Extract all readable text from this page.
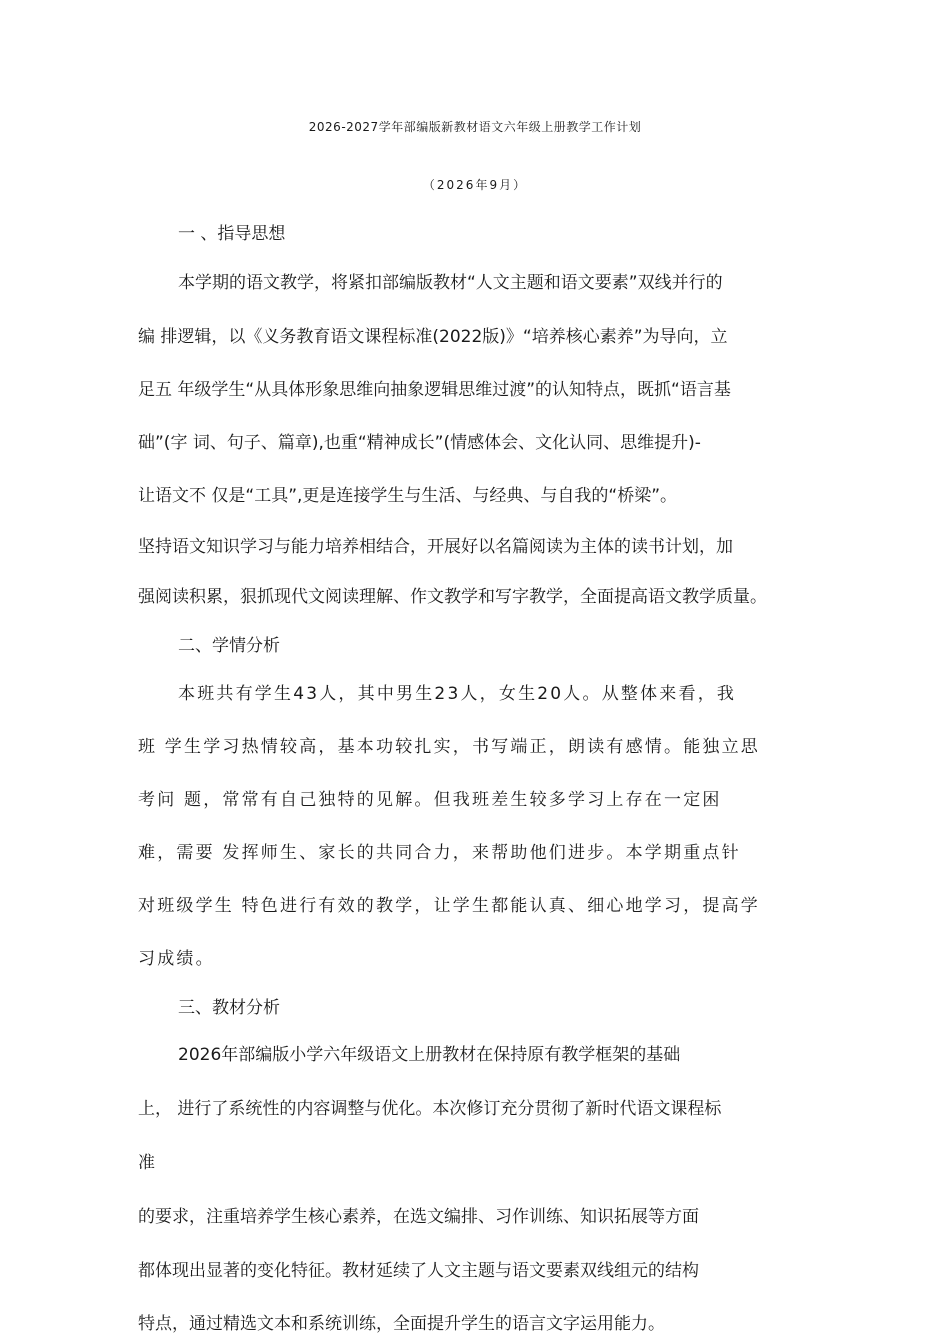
2026-2027学年部编版新教材语文六年级上册教学工作计划
（2026年9月）
一 、指导思想
本学期的语文教学，将紧扣部编版教材“人文主题和语文要素”双线并行的
编 排逻辑，以《义务教育语文课程标准(2022版)》“培养核心素养”为导向，立
足五 年级学生“从具体形象思维向抽象逻辑思维过渡”的认知特点，既抓“语言基
础”(字 词、句子、篇章),也重“精神成长”(情感体会、文化认同、思维提升)-
让语文不 仅是“工具”,更是连接学生与生活、与经典、与自我的“桥梁”。
坚持语文知识学习与能力培养相结合，开展好以名篇阅读为主体的读书计划，加
强阅读积累，狠抓现代文阅读理解、作文教学和写字教学，全面提高语文教学质量。
二、学情分析
本班共有学生43人，其中男生23人，女生20人。从整体来看，我
班 学生学习热情较高，基本功较扎实，书写端正，朗读有感情。能独立思
考问 题，常常有自己独特的见解。但我班差生较多学习上存在一定困
难，需要 发挥师生、家长的共同合力，来帮助他们进步。本学期重点针
对班级学生 特色进行有效的教学，让学生都能认真、细心地学习，提高学
习成绩。
三、教材分析
2026年部编版小学六年级语文上册教材在保持原有教学框架的基础
上， 进行了系统性的内容调整与优化。本次修订充分贯彻了新时代语文课程标
准
的要求，注重培养学生核心素养，在选文编排、习作训练、知识拓展等方面
都体现出显著的变化特征。教材延续了人文主题与语文要素双线组元的结构
特点，通过精选文本和系统训练，全面提升学生的语言文字运用能力。
